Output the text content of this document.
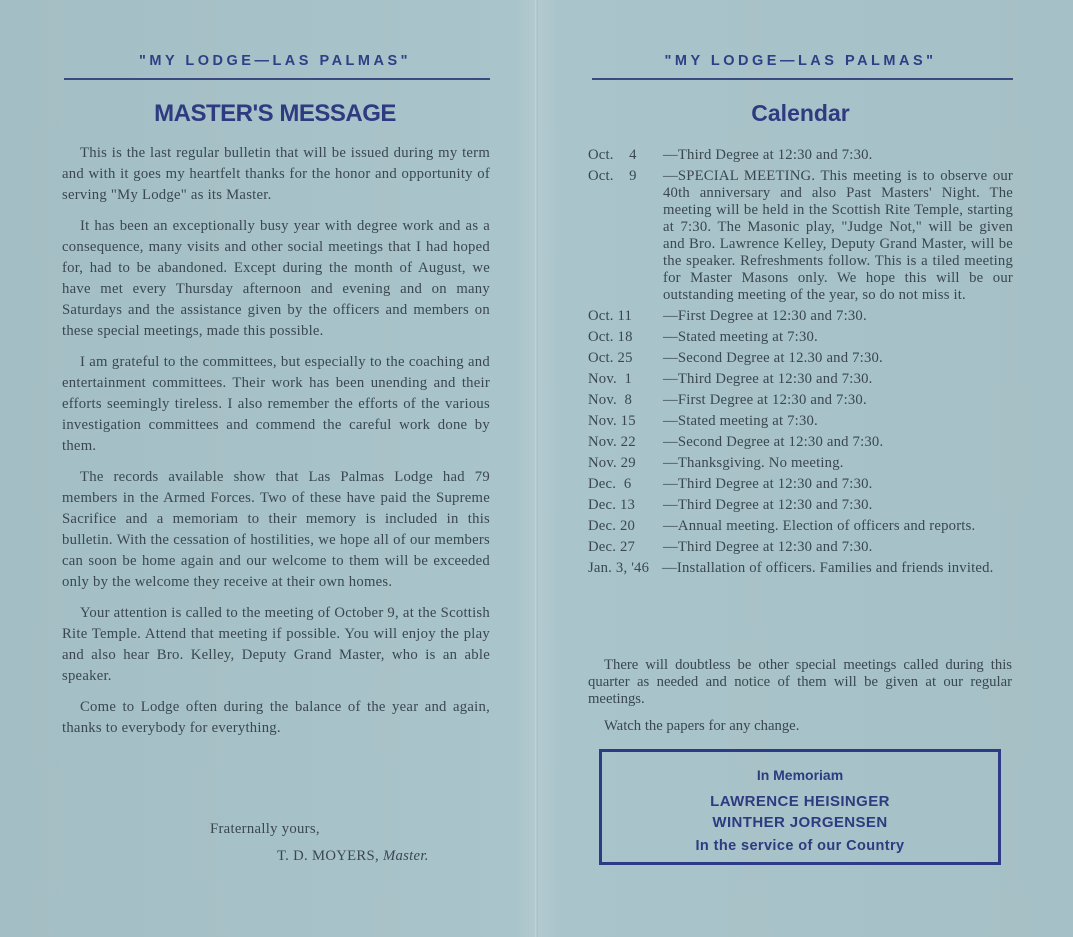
"MY LODGE—LAS PALMAS"
MASTER'S MESSAGE

This is the last regular bulletin that will be issued during my term and with it goes my heartfelt thanks for the honor and opportunity of serving "My Lodge" as its Master.

It has been an exceptionally busy year with degree work and as a consequence, many visits and other social meetings that I had hoped for, had to be abandoned. Except during the month of August, we have met every Thursday afternoon and evening and on many Saturdays and the assistance given by the officers and members on these special meetings, made this possible.

I am grateful to the committees, but especially to the coaching and entertainment committees. Their work has been unending and their efforts seemingly tireless. I also remember the efforts of the various investigation committees and commend the careful work done by them.

The records available show that Las Palmas Lodge had 79 members in the Armed Forces. Two of these have paid the Supreme Sacrifice and a memoriam to their memory is included in this bulletin. With the cessation of hostilities, we hope all of our members can soon be home again and our welcome to them will be exceeded only by the welcome they receive at their own homes.

Your attention is called to the meeting of October 9, at the Scottish Rite Temple. Attend that meeting if possible. You will enjoy the play and also hear Bro. Kelley, Deputy Grand Master, who is an able speaker.

Come to Lodge often during the balance of the year and again, thanks to everybody for everything.

Fraternally yours,
T. D. MOYERS, Master.
"MY LODGE—LAS PALMAS"
Calendar
Oct.    4	—Third Degree at 12:30 and 7:30.
Oct.    9	—SPECIAL MEETING. This meeting is to observe our 40th anniversary and also Past Masters' Night. The meeting will be held in the Scottish Rite Temple, starting at 7:30. The Masonic play, "Judge Not," will be given and Bro. Lawrence Kelley, Deputy Grand Master, will be the speaker. Refreshments follow. This is a tiled meeting for Master Masons only. We hope this will be our outstanding meeting of the year, so do not miss it.
Oct. 11	—First Degree at 12:30 and 7:30.
Oct. 18	—Stated meeting at 7:30.
Oct. 25	—Second Degree at 12.30 and 7:30.
Nov.  1	—Third Degree at 12:30 and 7:30.
Nov.  8	—First Degree at 12:30 and 7:30.
Nov. 15	—Stated meeting at 7:30.
Nov. 22	—Second Degree at 12:30 and 7:30.
Nov. 29	—Thanksgiving. No meeting.
Dec.  6	—Third Degree at 12:30 and 7:30.
Dec. 13	—Third Degree at 12:30 and 7:30.
Dec. 20	—Annual meeting. Election of officers and reports.
Dec. 27	—Third Degree at 12:30 and 7:30.
Jan. 3, '46 —Installation of officers. Families and friends invited.
There will doubtless be other special meetings called during this quarter as needed and notice of them will be given at our regular meetings.
Watch the papers for any change.
In Memoriam
LAWRENCE HEISINGER
WINTHER JORGENSEN
In the service of our Country
